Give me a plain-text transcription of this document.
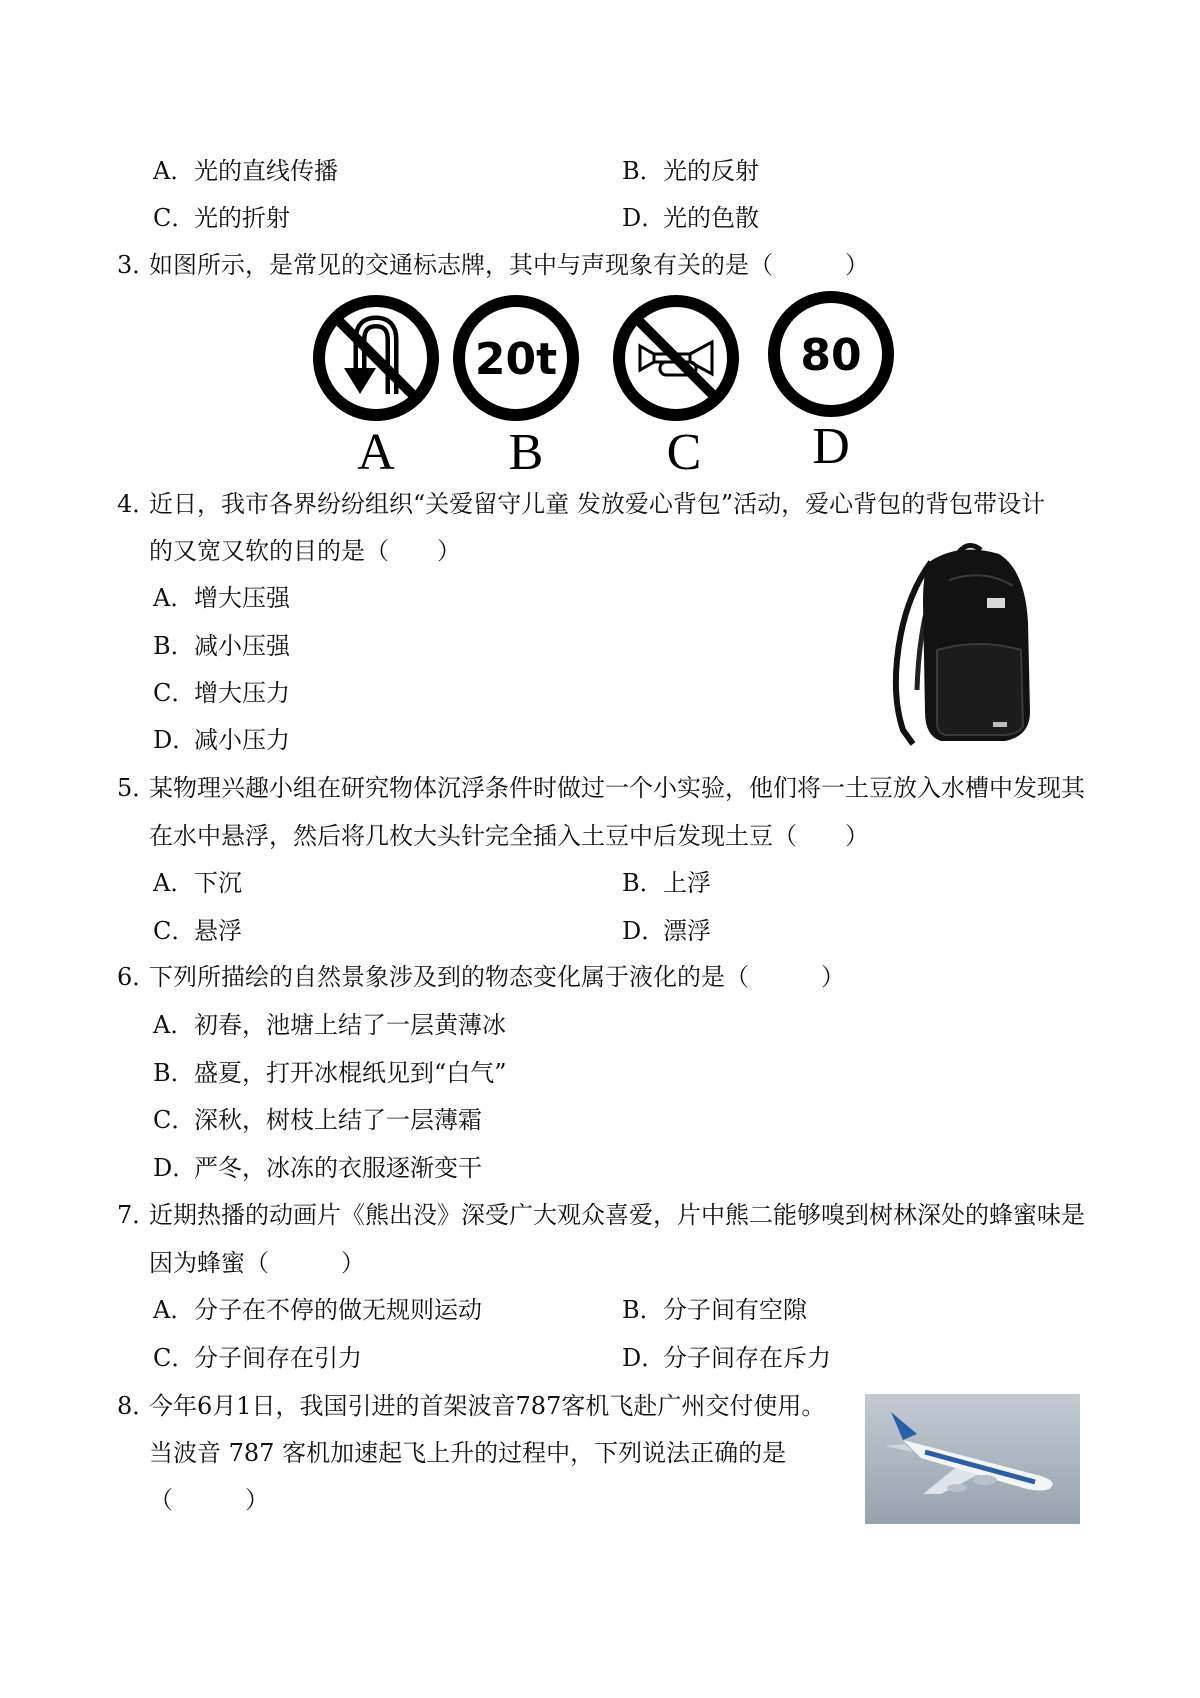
A．光的直线传播	B．光的反射
C．光的折射	D．光的色散
3．如图所示，是常见的交通标志牌，其中与声现象有关的是（　　　）
20t	80
A B C D
4．近日，我市各界纷纷组织“关爱留守儿童 发放爱心背包”活动，爱心背包的背包带设计
的又宽又软的目的是（　　）
A．增大压强
B．减小压强
C．增大压力
D．减小压力
5．某物理兴趣小组在研究物体沉浮条件时做过一个小实验，他们将一土豆放入水槽中发现其
在水中悬浮，然后将几枚大头针完全插入土豆中后发现土豆（　　）
A．下沉	B．上浮
C．悬浮	D．漂浮
6．下列所描绘的自然景象涉及到的物态变化属于液化的是（　　　）
A．初春，池塘上结了一层黄薄冰
B．盛夏，打开冰棍纸见到“白气”
C．深秋，树枝上结了一层薄霜
D．严冬，冰冻的衣服逐渐变干
7．近期热播的动画片《熊出没》深受广大观众喜爱，片中熊二能够嗅到树林深处的蜂蜜味是
因为蜂蜜（　　　）
A．分子在不停的做无规则运动	B．分子间有空隙
C．分子间存在引力	D．分子间存在斥力
8．今年6月1日，我国引进的首架波音787客机飞赴广州交付使用。
当波音 787 客机加速起飞上升的过程中，下列说法正确的是
（　　　）
